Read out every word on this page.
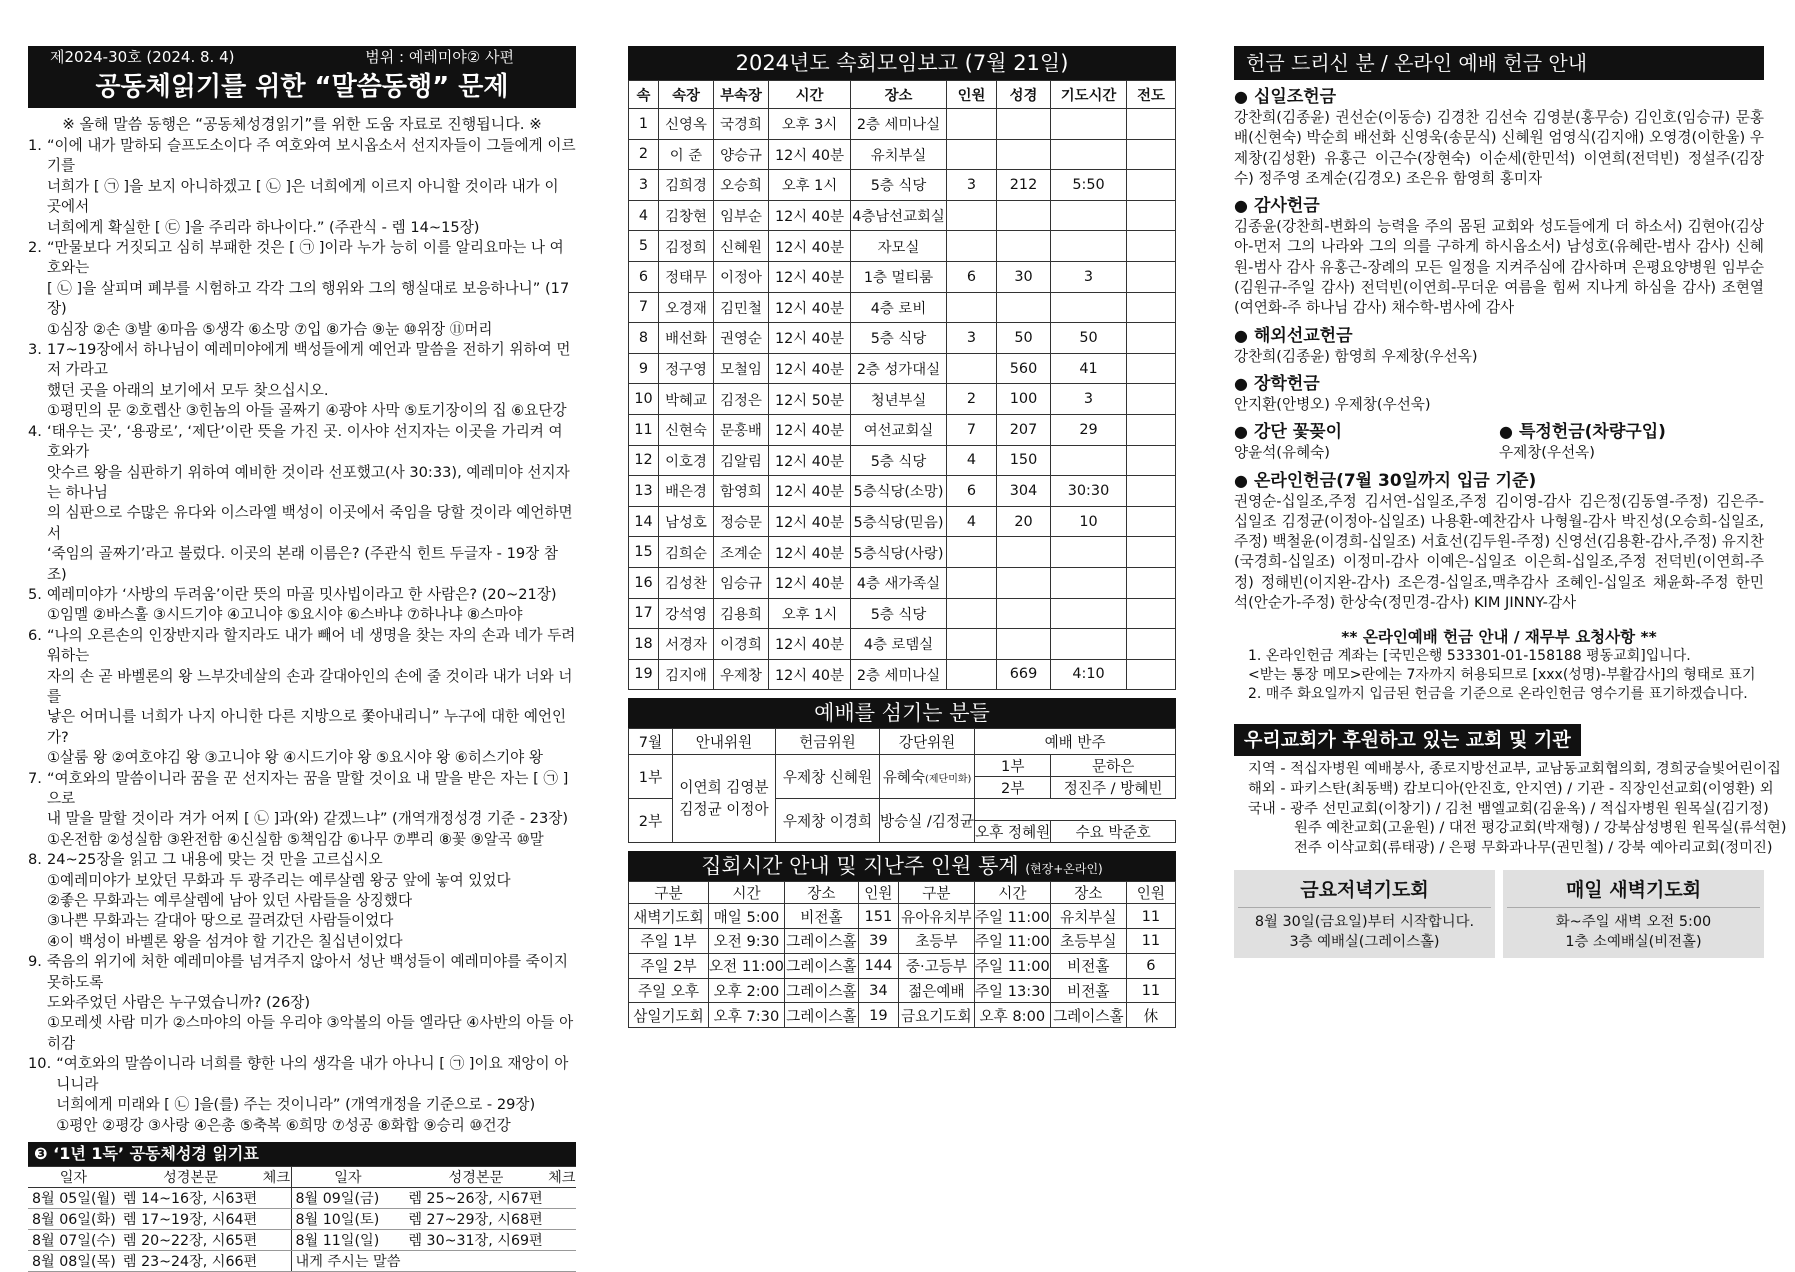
제2024-30호 (2024. 8. 4)	범위 : 예레미야② 사편
공동체읽기를 위한 “말씀동행” 문제
※ 올해 말씀 동행은 “공동체성경읽기”를 위한 도움 자료로 진행됩니다. ※
1. “이에 내가 말하되 슬프도소이다 주 여호와여 보시옵소서 선지자들이 그들에게 이르기를
너희가 [ ㉠ ]을 보지 아니하겠고 [ ㉡ ]은 너희에게 이르지 아니할 것이라 내가 이 곳에서
너희에게 확실한 [ ㉢ ]을 주리라 하나이다.” (주관식 - 렘 14~15장)
2. “만물보다 거짓되고 심히 부패한 것은 [ ㉠ ]이라 누가 능히 이를 알리요마는 나 여호와는
[ ㉡ ]을 살피며 폐부를 시험하고 각각 그의 행위와 그의 행실대로 보응하나니” (17장)
①심장 ②손 ③발 ④마음 ⑤생각 ⑥소망 ⑦입 ⑧가슴 ⑨눈 ⑩위장 ⑪머리
3. 17~19장에서 하나님이 예레미야에게 백성들에게 예언과 말씀을 전하기 위하여 먼저 가라고
했던 곳을 아래의 보기에서 모두 찾으십시오.
①평민의 문 ②호렙산 ③힌놈의 아들 골짜기 ④광야 사막 ⑤토기장이의 집 ⑥요단강
4. ‘태우는 곳’, ‘용광로’, ‘제단’이란 뜻을 가진 곳. 이사야 선지자는 이곳을 가리켜 여호와가
앗수르 왕을 심판하기 위하여 예비한 것이라 선포했고(사 30:33), 예레미야 선지자는 하나님
의 심판으로 수많은 유다와 이스라엘 백성이 이곳에서 죽임을 당할 것이라 예언하면서
‘죽임의 골짜기’라고 불렀다. 이곳의 본래 이름은? (주관식 힌트 두글자 - 19장 참조)
5. 예레미야가 ‘사방의 두려움’이란 뜻의 마골 밋사빕이라고 한 사람은? (20~21장)
①임멜 ②바스훌 ③시드기야 ④고니야 ⑤요시야 ⑥스바냐 ⑦하나냐 ⑧스마야
6. “나의 오른손의 인장반지라 할지라도 내가 빼어 네 생명을 찾는 자의 손과 네가 두려워하는
자의 손 곧 바벨론의 왕 느부갓네살의 손과 갈대아인의 손에 줄 것이라 내가 너와 너를
낳은 어머니를 너희가 나지 아니한 다른 지방으로 쫓아내리니” 누구에 대한 예언인가?
①살룸 왕 ②여호야김 왕 ③고니야 왕 ④시드기야 왕 ⑤요시야 왕 ⑥히스기야 왕
7. “여호와의 말씀이니라 꿈을 꾼 선지자는 꿈을 말할 것이요 내 말을 받은 자는 [ ㉠ ]으로
내 말을 말할 것이라 겨가 어찌 [ ㉡ ]과(와) 같겠느냐” (개역개정성경 기준 - 23장)
①온전함 ②성실함 ③완전함 ④신실함 ⑤책임감 ⑥나무 ⑦뿌리 ⑧꽃 ⑨알곡 ⑩말
8. 24~25장을 읽고 그 내용에 맞는 것 만을 고르십시오
①예레미야가 보았던 무화과 두 광주리는 예루살렘 왕궁 앞에 놓여 있었다
②좋은 무화과는 예루살렘에 남아 있던 사람들을 상징했다
③나쁜 무화과는 갈대아 땅으로 끌려갔던 사람들이었다
④이 백성이 바벨론 왕을 섬겨야 할 기간은 칠십년이었다
9. 죽음의 위기에 처한 예레미야를 넘겨주지 않아서 성난 백성들이 예레미야를 죽이지 못하도록
도와주었던 사람은 누구였습니까? (26장)
①모레셋 사람 미가 ②스마야의 아들 우리야 ③악볼의 아들 엘라단 ④사반의 아들 아히감
10. “여호와의 말씀이니라 너희를 향한 나의 생각을 내가 아나니 [ ㉠ ]이요 재앙이 아니니라
너희에게 미래와 [ ㉡ ]을(를) 주는 것이니라” (개역개정을 기준으로 - 29장)
①평안 ②평강 ③사랑 ④은총 ⑤축복 ⑥희망 ⑦성공 ⑧화합 ⑨승리 ⑩건강
❸ ‘1년 1독’ 공동체성경 읽기표
일자	성경본문	체크	일자	성경본문	체크
8월 05일(월)	렘 14~16장, 시63편		8월 09일(금)	렘 25~26장, 시67편	
8월 06일(화)	렘 17~19장, 시64편		8월 10일(토)	렘 27~29장, 시68편	
8월 07일(수)	렘 20~22장, 시65편		8월 11일(일)	렘 30~31장, 시69편	
8월 08일(목)	렘 23~24장, 시66편		내게 주시는 말씀		
2024년도 속회모임보고 (7월 21일)
속	속장	부속장	시간	장소	인원	성경	기도시간	전도
1	신영옥	국경희	오후 3시	2층 세미나실				
2	이 준	양승규	12시 40분	유치부실				
3	김희경	오승희	오후 1시	5층 식당	3	212	5:50	
4	김창현	임부순	12시 40분	4층남선교회실				
5	김정희	신혜원	12시 40분	자모실				
6	정태무	이정아	12시 40분	1층 멀티룸	6	30	3	
7	오경재	김민철	12시 40분	4층 로비				
8	배선화	권영순	12시 40분	5층 식당	3	50	50	
9	정구영	모철임	12시 40분	2층 성가대실		560	41	
10	박혜교	김정은	12시 50분	청년부실	2	100	3	
11	신현숙	문홍배	12시 40분	여선교회실	7	207	29	
12	이호경	김알림	12시 40분	5층 식당	4	150		
13	배은경	함영희	12시 40분	5층식당(소망)	6	304	30:30	
14	남성호	정승문	12시 40분	5층식당(믿음)	4	20	10	
15	김희순	조계순	12시 40분	5층식당(사랑)				
16	김성찬	임승규	12시 40분	4층 새가족실				
17	강석영	김용희	오후 1시	5층 식당				
18	서경자	이경희	12시 40분	4층 로뎀실				
19	김지애	우제창	12시 40분	2층 세미나실		669	4:10	
예배를 섬기는 분들
7월	안내위원	헌금위원	강단위원	예배 반주	
1부	이연희 김영분
김정균 이정아	우제창 신혜원	유혜숙(제단미화)	1부	문하은
				2부	정진주 / 방혜빈
2부		우제창 이경희	방승실 /김정균	
				오후 정혜원	수요 박준호
집회시간 안내 및 지난주 인원 통계 (현장+온라인)
구분	시간	장소	인원	구분	시간	장소	인원
새벽기도회	매일 5:00	비전홀	151	유아유치부	주일 11:00	유치부실	11
주일 1부	오전 9:30	그레이스홀	39	초등부	주일 11:00	초등부실	11
주일 2부	오전 11:00	그레이스홀	144	중·고등부	주일 11:00	비전홀	6
주일 오후	오후 2:00	그레이스홀	34	젊은예배	주일 13:30	비전홀	11
삼일기도회	오후 7:30	그레이스홀	19	금요기도회	오후 8:00	그레이스홀	休
헌금 드리신 분 / 온라인 예배 헌금 안내
● 십일조헌금
강찬희(김종윤) 권선순(이동승) 김경찬 김선숙 김영분(홍무승) 김인호(임승규) 문홍배(신현숙) 박순희 배선화 신영욱(송문식) 신혜원 엄영식(김지애) 오영경(이한울) 우제창(김성환) 유홍근 이근수(장현숙) 이순세(한민석) 이연희(전덕빈) 정설주(김장수) 정주영 조계순(김경오) 조은유 함영희 홍미자
● 감사헌금
김종윤(강찬희-변화의 능력을 주의 몸된 교회와 성도들에게 더 하소서) 김현아(김상아-먼저 그의 나라와 그의 의를 구하게 하시옵소서) 남성호(유혜란-범사 감사) 신혜원-범사 감사 유홍근-장례의 모든 일정을 지켜주심에 감사하며 은평요양병원 임부순(김원규-주일 감사) 전덕빈(이연희-무더운 여름을 힘써 지나게 하심을 감사) 조현열(여연화-주 하나님 감사) 채수학-범사에 감사
● 해외선교헌금
강찬희(김종윤) 함영희 우제창(우선옥)
● 장학헌금
안지환(안병오) 우제창(우선욱)
● 강단 꽃꽂이
양윤석(유혜숙)
● 특정헌금(차량구입)
우제창(우선옥)
● 온라인헌금(7월 30일까지 입금 기준)
권영순-십일조,주정 김서연-십일조,주정 김이영-감사 김은정(김동열-주정) 김은주-십일조 김정균(이정아-십일조) 나용환-예찬감사 나형월-감사 박진성(오승희-십일조,주정) 백철윤(이경희-십일조) 서효선(김두원-주정) 신영선(김용환-감사,주정) 유지찬(국경희-십일조) 이정미-감사 이예은-십일조 이은희-십일조,주정 전덕빈(이연희-주정) 정해빈(이지완-감사) 조은경-십일조,맥추감사 조혜인-십일조 채윤화-주정 한민석(안순가-주정) 한상숙(정민경-감사) KIM JINNY-감사
** 온라인예배 헌금 안내 / 재무부 요청사항 **
1. 온라인헌금 계좌는 [국민은행 533301-01-158188 평동교회]입니다.
<받는 통장 메모>란에는 7자까지 허용되므로 [xxx(성명)-부활감사]의 형태로 표기
2. 매주 화요일까지 입금된 헌금을 기준으로 온라인헌금 영수기를 표기하겠습니다.
우리교회가 후원하고 있는 교회 및 기관
지역 - 적십자병원 예배봉사, 종로지방선교부, 교남동교회협의회, 경희궁슬빛어린이집
해외 - 파키스탄(최동백) 캄보디아(안진호, 안지연) / 기관 - 직장인선교회(이영환) 외
국내 - 광주 선민교회(이창기) / 김천 뱀엘교회(김윤옥) / 적십자병원 원목실(김기정)
원주 예찬교회(고윤원) / 대전 평강교회(박재형) / 강북삼성병원 원목실(류석현)
전주 이삭교회(류태광) / 은평 무화과나무(권민철) / 강북 예아리교회(정미진)
금요저녁기도회
8월 30일(금요일)부터 시작합니다.
3층 예배실(그레이스홀)
매일 새벽기도회
화~주일 새벽 오전 5:00
1층 소예배실(비전홀)
